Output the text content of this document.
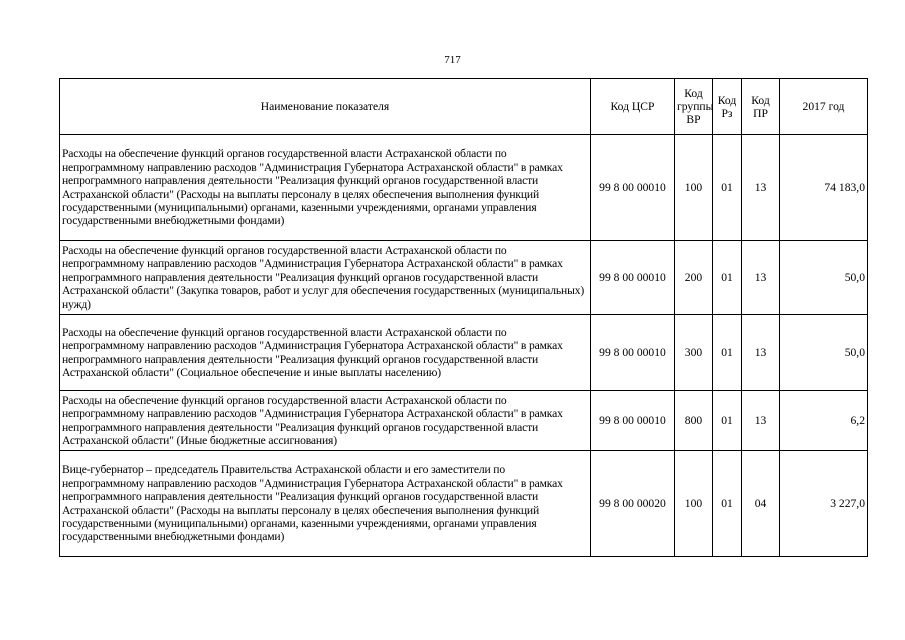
717
Наименование показателя	Код ЦСР	Код группы ВР	Код Рз	Код ПР	2017 год
Расходы на обеспечение функций органов государственной власти Астраханской области по непрограммному направлению расходов "Администрация Губернатора Астраханской области" в рамках непрограммного направления деятельности "Реализация функций органов государственной власти Астраханской области" (Расходы на выплаты персоналу в целях обеспечения выполнения функций государственными (муниципальными) органами, казенными учреждениями, органами управления государственными внебюджетными фондами)	99 8 00 00010	100	01	13	74 183,0
Расходы на обеспечение функций органов государственной власти Астраханской области по непрограммному направлению расходов "Администрация Губернатора Астраханской области" в рамках непрограммного направления деятельности "Реализация функций органов государственной власти Астраханской области" (Закупка товаров, работ и услуг для обеспечения государственных (муниципальных) нужд)	99 8 00 00010	200	01	13	50,0
Расходы на обеспечение функций органов государственной власти Астраханской области по непрограммному направлению расходов "Администрация Губернатора Астраханской области" в рамках непрограммного направления деятельности "Реализация функций органов государственной власти Астраханской области" (Социальное обеспечение и иные выплаты населению)	99 8 00 00010	300	01	13	50,0
Расходы на обеспечение функций органов государственной власти Астраханской области по непрограммному направлению расходов "Администрация Губернатора Астраханской области" в рамках непрограммного направления деятельности "Реализация функций органов государственной власти Астраханской области" (Иные бюджетные ассигнования)	99 8 00 00010	800	01	13	6,2
Вице-губернатор – председатель Правительства Астраханской области и его заместители по непрограммному направлению расходов "Администрация Губернатора Астраханской области" в рамках непрограммного направления деятельности "Реализация функций органов государственной власти Астраханской области" (Расходы на выплаты персоналу в целях обеспечения выполнения функций государственными (муниципальными) органами, казенными учреждениями, органами управления государственными внебюджетными фондами)	99 8 00 00020	100	01	04	3 227,0
